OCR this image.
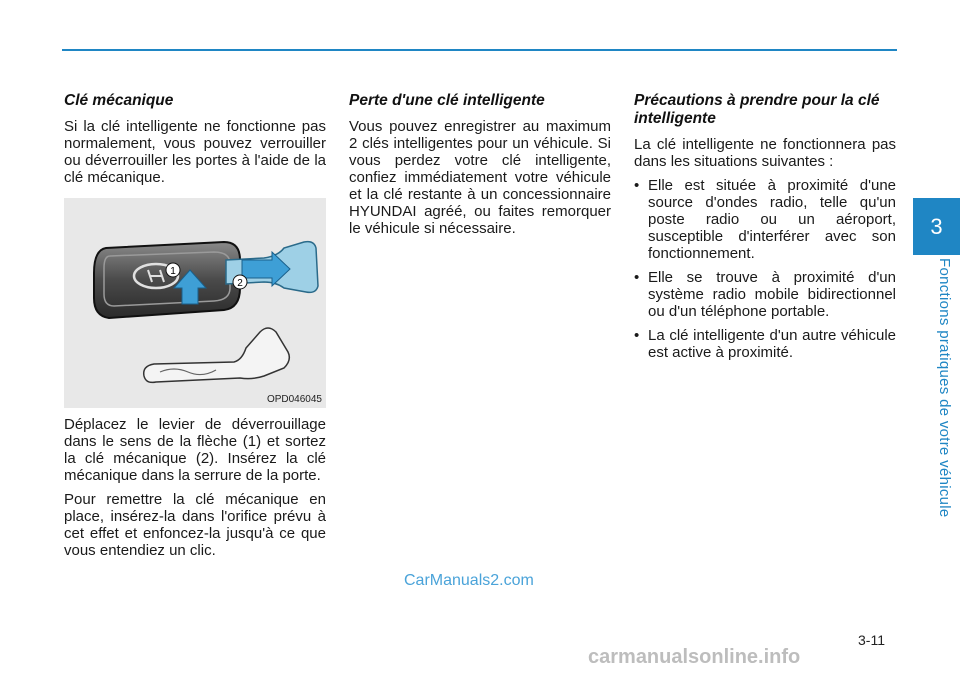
Clé mécanique

Si la clé intelligente ne fonctionne pas normalement, vous pouvez verrouiller ou déverrouiller les portes à l'aide de la clé mécanique.

1
2
OPD046045

Déplacez le levier de déverrouillage dans le sens de la flèche (1) et sortez la clé mécanique (2). Insérez la clé mécanique dans la serrure de la porte.

Pour remettre la clé mécanique en place, insérez-la dans l'orifice prévu à cet effet et enfoncez-la jusqu'à ce que vous entendiez un clic.

Perte d'une clé intelligente

Vous pouvez enregistrer au maximum 2 clés intelligentes pour un véhicule. Si vous perdez votre clé intelligente, confiez immédiatement votre véhicule et la clé restante à un concessionnaire HYUNDAI agréé, ou faites remorquer le véhicule si nécessaire.

Précautions à prendre pour la clé intelligente

La clé intelligente ne fonctionnera pas dans les situations suivantes :

• Elle est située à proximité d'une source d'ondes radio, telle qu'un poste radio ou un aéroport, susceptible d'interférer avec son fonctionnement.
• Elle se trouve à proximité d'un système radio mobile bidirectionnel ou d'un téléphone portable.
• La clé intelligente d'un autre véhicule est active à proximité.
3
Fonctions pratiques de votre véhicule
CarManuals2.com
3-11
carmanualsonline.info
